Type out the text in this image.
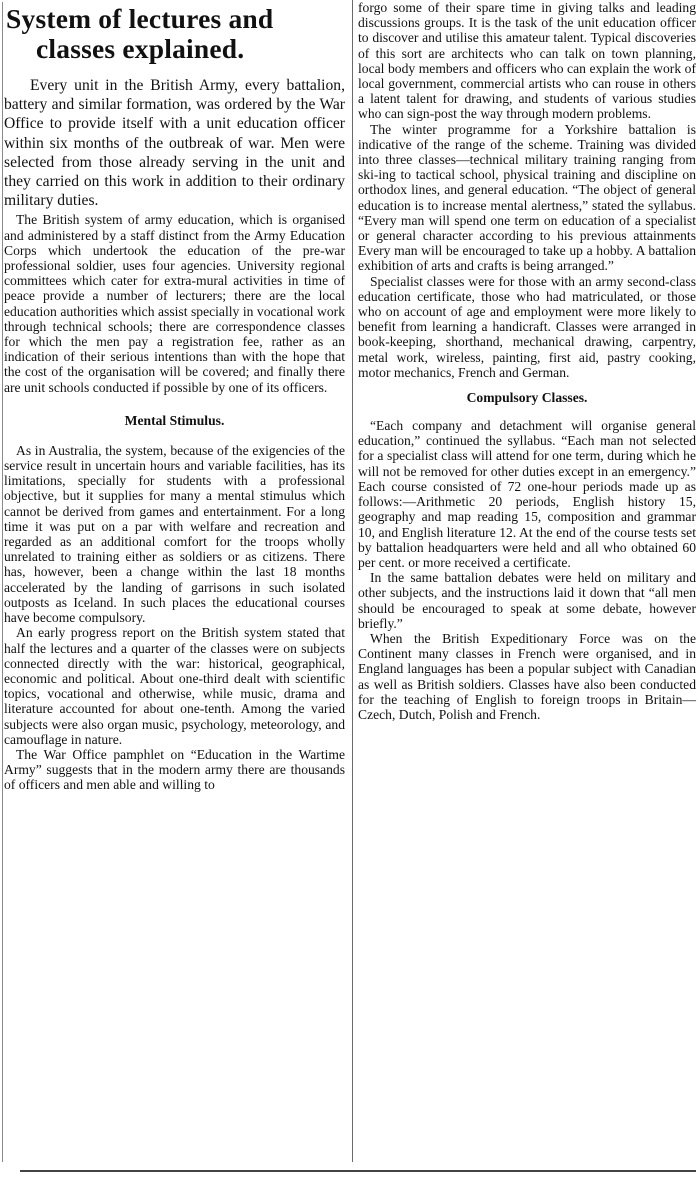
System of lectures and
classes explained.

Every unit in the British Army, every battalion, battery and similar formation, was ordered by the War Office to provide itself with a unit education officer within six months of the outbreak of war. Men were selected from those already serving in the unit and they carried on this work in addition to their ordinary military duties.

The British system of army education, which is organised and administered by a staff distinct from the Army Education Corps which undertook the education of the pre-war professional soldier, uses four agencies. University regional committees which cater for extra-mural activities in time of peace provide a number of lecturers; there are the local education authorities which assist specially in vocational work through technical schools; there are correspondence classes for which the men pay a registration fee, rather as an indication of their serious intentions than with the hope that the cost of the organisation will be covered; and finally there are unit schools conducted if possible by one of its officers.

Mental Stimulus.

As in Australia, the system, because of the exigencies of the service result in uncertain hours and variable facilities, has its limitations, specially for students with a professional objective, but it supplies for many a mental stimulus which cannot be derived from games and entertainment. For a long time it was put on a par with welfare and recreation and regarded as an additional comfort for the troops wholly unrelated to training either as soldiers or as citizens. There has, however, been a change within the last 18 months accelerated by the landing of garrisons in such isolated outposts as Iceland. In such places the educational courses have become compulsory.

An early progress report on the British system stated that half the lectures and a quarter of the classes were on subjects connected directly with the war: historical, geographical, economic and political. About one-third dealt with scientific topics, vocational and otherwise, while music, drama and literature accounted for about one-tenth. Among the varied subjects were also organ music, psychology, meteorology, and camouflage in nature.

The War Office pamphlet on “Education in the Wartime Army” suggests that in the modern army there are thousands of officers and men able and willing to

forgo some of their spare time in giving talks and leading discussions groups. It is the task of the unit education officer to discover and utilise this amateur talent. Typical discoveries of this sort are architects who can talk on town planning, local body members and officers who can explain the work of local government, commercial artists who can rouse in others a latent talent for drawing, and students of various studies who can sign-post the way through modern problems.

The winter programme for a Yorkshire battalion is indicative of the range of the scheme. Training was divided into three classes—technical military training ranging from ski-ing to tactical school, physical training and discipline on orthodox lines, and general education. “The object of general education is to increase mental alertness,” stated the syllabus. “Every man will spend one term on education of a specialist or general character according to his previous attainments Every man will be encouraged to take up a hobby. A battalion exhibition of arts and crafts is being arranged.”

Specialist classes were for those with an army second-class education certificate, those who had matriculated, or those who on account of age and employment were more likely to benefit from learning a handicraft. Classes were arranged in book-keeping, shorthand, mechanical drawing, carpentry, metal work, wireless, painting, first aid, pastry cooking, motor mechanics, French and German.

Compulsory Classes.

“Each company and detachment will organise general education,” continued the syllabus. “Each man not selected for a specialist class will attend for one term, during which he will not be removed for other duties except in an emergency.” Each course consisted of 72 one-hour periods made up as follows:—Arithmetic 20 periods, English history 15, geography and map reading 15, composition and grammar 10, and English literature 12. At the end of the course tests set by battalion headquarters were held and all who obtained 60 per cent. or more received a certificate.

In the same battalion debates were held on military and other subjects, and the instructions laid it down that “all men should be encouraged to speak at some debate, however briefly.”

When the British Expeditionary Force was on the Continent many classes in French were organised, and in England languages has been a popular subject with Canadian as well as British soldiers. Classes have also been conducted for the teaching of English to foreign troops in Britain—Czech, Dutch, Polish and French.
